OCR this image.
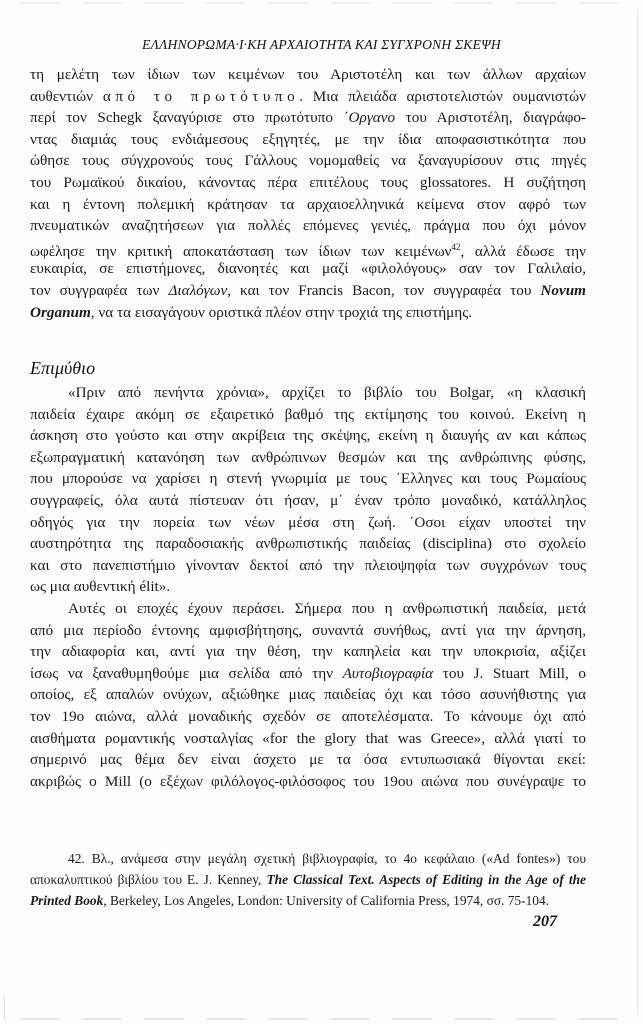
ΕΛΛΗΝΟΡΩΜΑ·Ι·ΚΗ ΑΡΧΑΙΟΤΗΤΑ ΚΑΙ ΣΥΓΧΡΟΝΗ ΣΚΕΨΗ
τη μελέτη των ίδιων των κειμένων του Αριστοτέλη και των άλλων αρχαίων
αυθεντιών από το πρωτότυπο. Μια πλειάδα αριστοτελιστών ουμανιστών
περί τον Schegk ξαναγύρισε στο πρωτότυπο ΄Οργανο του Αριστοτέλη, διαγράφο-
ντας διαμιάς τους ενδιάμεσους εξηγητές, με την ίδια αποφασιστικότητα που
ώθησε τους σύγχρονούς τους Γάλλους νομομαθείς να ξαναγυρίσουν στις πηγές
του Ρωμαϊκού δικαίου, κάνοντας πέρα επιτέλους τους glossatores. Η συζήτηση
και η έντονη πολεμική κράτησαν τα αρχαιοελληνικά κείμενα στον αφρό των
πνευματικών αναζητήσεων για πολλές επόμενες γενιές, πράγμα που όχι μόνον
ωφέλησε την κριτική αποκατάσταση των ίδιων των κειμένων$^{42}$, αλλά έδωσε την
ευκαιρία, σε επιστήμονες, διανοητές και μαζί «φιλολόγους» σαν τον Γαλιλαίο,
τον συγγραφέα των Διαλόγων, και τον Francis Bacon, τον συγγραφέα του Novum
Organum, να τα εισαγάγουν οριστικά πλέον στην τροχιά της επιστήμης.
Επιμύθιο
«Πριν από πενήντα χρόνια», αρχίζει το βιβλίο του Bolgar, «η κλασική
παιδεία έχαιρε ακόμη σε εξαιρετικό βαθμό της εκτίμησης του κοινού. Εκείνη η
άσκηση στο γούστο και στην ακρίβεια της σκέψης, εκείνη η διαυγής αν και κάπως
εξωπραγματική κατανόηση των ανθρώπινων θεσμών και της ανθρώπινης φύσης,
που μπορούσε να χαρίσει η στενή γνωριμία με τους ΄Ελληνες και τους Ρωμαίους
συγγραφείς, όλα αυτά πίστευαν ότι ήσαν, μ΄ έναν τρόπο μοναδικό, κατάλληλος
οδηγός για την πορεία των νέων μέσα στη ζωή. ΄Οσοι είχαν υποστεί την
αυστηρότητα της παραδοσιακής ανθρωπιστικής παιδείας (disciplina) στο σχολείο
και στο πανεπιστήμιο γίνονταν δεκτοί από την πλειοψηφία των συγχρόνων τους
ως μια αυθεντική élit».
Αυτές οι εποχές έχουν περάσει. Σήμερα που η ανθρωπιστική παιδεία, μετά
από μια περίοδο έντονης αμφισβήτησης, συναντά συνήθως, αντί για την άρνηση,
την αδιαφορία και, αντί για την θέση, την καπηλεία και την υποκρισία, αξίζει
ίσως να ξαναθυμηθούμε μια σελίδα από την Αυτοβιογραφία του J. Stuart Mill, ο
οποίος, εξ απαλών ονύχων, αξιώθηκε μιας παιδείας όχι και τόσο ασυνήθιστης για
τον 19ο αιώνα, αλλά μοναδικής σχεδόν σε αποτελέσματα. Το κάνουμε όχι από
αισθήματα ρομαντικής νοσταλγίας «for the glory that was Greece», αλλά γιατί το
σημερινό μας θέμα δεν είναι άσχετο με τα όσα εντυπωσιακά θίγονται εκεί:
ακριβώς ο Mill (ο εξέχων φιλόλογος-φιλόσοφος του 19ου αιώνα που συνέγραψε το
42. Βλ., ανάμεσα στην μεγάλη σχετική βιβλιογραφία, το 4ο κεφάλαιο («Ad fontes») του
αποκαλυπτικού βιβλίου του E. J. Kenney, The Classical Text. Aspects of Editing in the Age of the
Printed Book, Berkeley, Los Angeles, London: University of California Press, 1974, σσ. 75-104.
207
